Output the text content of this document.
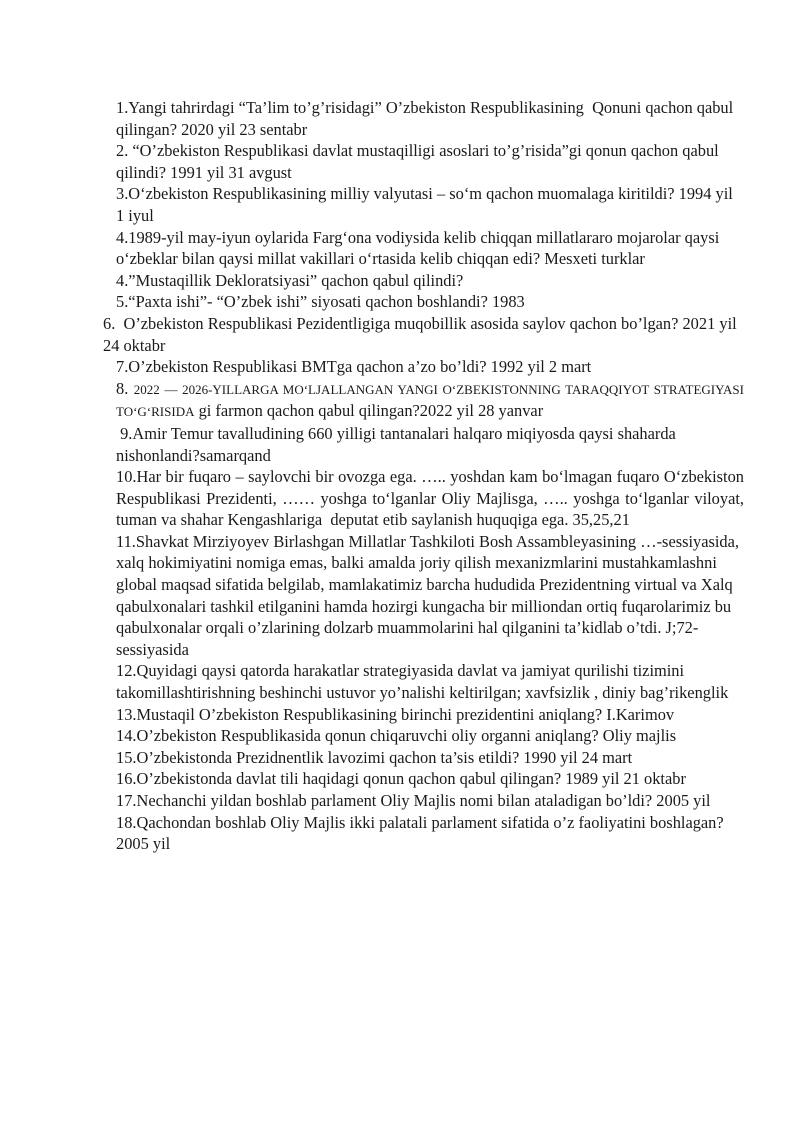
1.Yangi tahrirdagi “Ta’lim to’g’risidagi” O’zbekiston Respublikasining  Qonuni qachon qabul qilingan? 2020 yil 23 sentabr

2. “O’zbekiston Respublikasi davlat mustaqilligi asoslari to’g’risida”gi qonun qachon qabul qilindi? 1991 yil 31 avgust

3.O‘zbekiston Respublikasining milliy valyutasi – so‘m qachon muomalaga kiritildi? 1994 yil 1 iyul

4.1989-yil may-iyun oylarida Farg‘ona vodiysida kelib chiqqan millatlararo mojarolar qaysi o‘zbeklar bilan qaysi millat vakillari o‘rtasida kelib chiqqan edi? Mesxeti turklar

4.”Mustaqillik Dekloratsiyasi” qachon qabul qilindi?

5.“Paxta ishi”- “O’zbek ishi” siyosati qachon boshlandi? 1983

6.  O’zbekiston Respublikasi Pezidentligiga muqobillik asosida saylov qachon bo’lgan? 2021 yil 24 oktabr

7.O’zbekiston Respublikasi BMTga qachon a’zo bo’ldi? 1992 yil 2 mart

8. 2022 — 2026-YILLARGA MO‘LJALLANGAN YANGI O‘ZBEKISTONNING TARAQQIYOT STRATEGIYASI TO‘G‘RISIDA gi farmon qachon qabul qilingan?2022 yil 28 yanvar

9.Amir Temur tavalludining 660 yilligi tantanalari halqaro miqiyosda qaysi shaharda nishonlandi?samarqand

10.Har bir fuqaro – saylovchi bir ovozga ega. ….. yoshdan kam bo‘lmagan fuqaro O‘zbekiston Respublikasi Prezidenti, …… yoshga to‘lganlar Oliy Majlisga, ….. yoshga to‘lganlar viloyat, tuman va shahar Kengashlariga  deputat etib saylanish huquqiga ega. 35,25,21

11.Shavkat Mirziyoyev Birlashgan Millatlar Tashkiloti Bosh Assambleyasining …-sessiyasida, xalq hokimiyatini nomiga emas, balki amalda joriy qilish mexanizmlarini mustahkamlashni global maqsad sifatida belgilab, mamlakatimiz barcha hududida Prezidentning virtual va Xalq qabulxonalari tashkil etilganini hamda hozirgi kungacha bir milliondan ortiq fuqarolarimiz bu qabulxonalar orqali o’zlarining dolzarb muammolarini hal qilganini ta’kidlab o’tdi. J;72-sessiyasida

12.Quyidagi qaysi qatorda harakatlar strategiyasida davlat va jamiyat qurilishi tizimini   takomillashtirishning beshinchi ustuvor yo’nalishi keltirilgan; xavfsizlik , diniy bag’rikenglik

13.Mustaqil O’zbekiston Respublikasining birinchi prezidentini aniqlang? I.Karimov

14.O’zbekiston Respublikasida qonun chiqaruvchi oliy organni aniqlang? Oliy majlis

15.O’zbekistonda Prezidnentlik lavozimi qachon ta’sis etildi? 1990 yil 24 mart

16.O’zbekistonda davlat tili haqidagi qonun qachon qabul qilingan? 1989 yil 21 oktabr

17.Nechanchi yildan boshlab parlament Oliy Majlis nomi bilan ataladigan bo’ldi? 2005 yil

18.Qachondan boshlab Oliy Majlis ikki palatali parlament sifatida o’z faoliyatini boshlagan? 2005 yil
